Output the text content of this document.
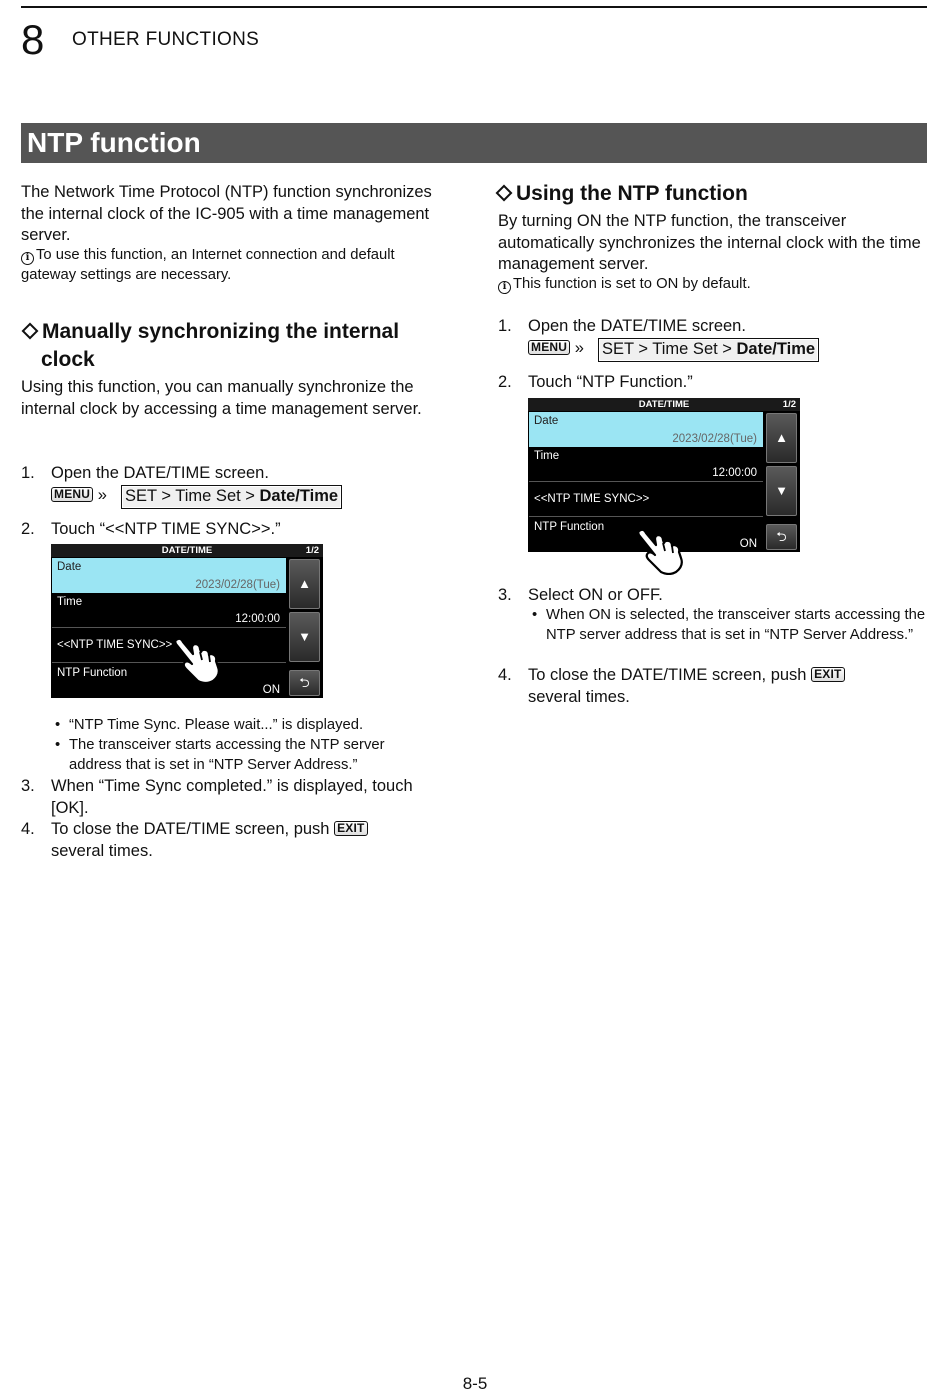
8 OTHER FUNCTIONS
NTP function
The Network Time Protocol (NTP) function synchronizes the internal clock of the IC-905 with a time management server.
i To use this function, an Internet connection and default gateway settings are necessary.
Manually synchronizing the internal
clock
Using this function, you can manually synchronize the internal clock by accessing a time management server.
1. Open the DATE/TIME screen.
MENU » SET > Time Set > Date/Time
2. Touch “<<NTP TIME SYNC>>.”
DATE/TIME	1/2
Date
2023/02/28(Tue)
Time
12:00:00
<<NTP TIME SYNC>>
NTP Function
ON
▲
▼
⮌
• “NTP Time Sync. Please wait...” is displayed.
• The transceiver starts accessing the NTP server address that is set in “NTP Server Address.”
3. When “Time Sync completed.” is displayed, touch [OK].
4. To close the DATE/TIME screen, push EXIT
several times.
Using the NTP function
By turning ON the NTP function, the transceiver automatically synchronizes the internal clock with the time management server.
i This function is set to ON by default.
1. Open the DATE/TIME screen.
MENU » SET > Time Set > Date/Time
2. Touch “NTP Function.”
DATE/TIME	1/2
Date
2023/02/28(Tue)
Time
12:00:00
<<NTP TIME SYNC>>
NTP Function
ON
▲
▼
⮌
3. Select ON or OFF.
• When ON is selected, the transceiver starts accessing the NTP server address that is set in “NTP Server Address.”
4. To close the DATE/TIME screen, push EXIT
several times.
8-5
